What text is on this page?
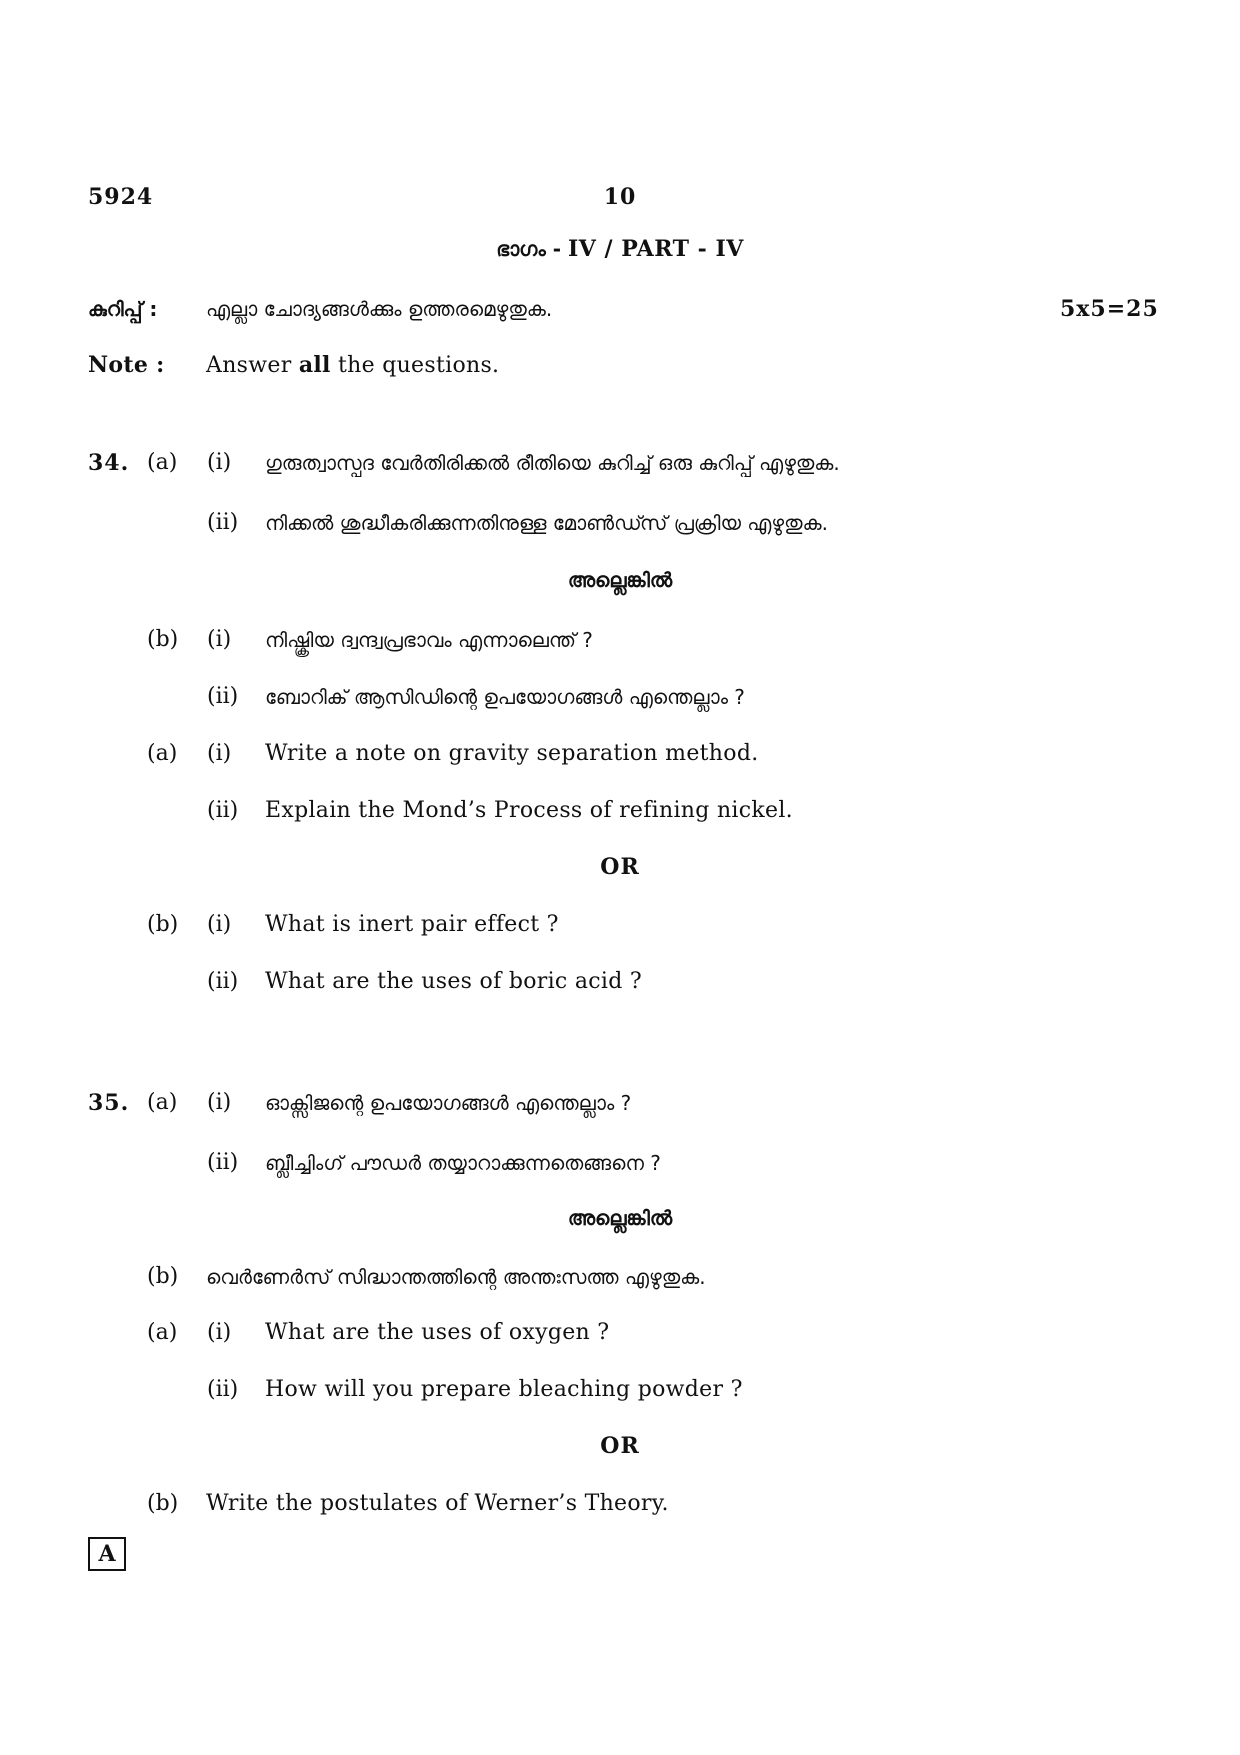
5924	10
ഭാഗം - IV / PART - IV
കുറിപ്പ് : എല്ലാ ചോദ്യങ്ങൾക്കും ഉത്തരമെഴുതുക.	5x5=25
Note : Answer all the questions.
34. (a) (i) ഗുരുത്വാസ്പദ വേർതിരിക്കൽ രീതിയെ കുറിച്ച് ഒരു കുറിപ്പ് എഴുതുക.
(ii) നിക്കൽ ശുദ്ധീകരിക്കുന്നതിനുള്ള മോൺഡ്സ് പ്രക്രിയ എഴുതുക.
അല്ലെങ്കിൽ
(b) (i) നിഷ്ക്രിയ ദ്വന്ദ്വപ്രഭാവം എന്നാലെന്ത് ?
(ii) ബോറിക് ആസിഡിന്റെ ഉപയോഗങ്ങൾ എന്തെല്ലാം ?
(a) (i) Write a note on gravity separation method.
(ii) Explain the Mond’s Process of refining nickel.
OR
(b) (i) What is inert pair effect ?
(ii) What are the uses of boric acid ?
35. (a) (i) ഓക്സിജന്റെ ഉപയോഗങ്ങൾ എന്തെല്ലാം ?
(ii) ബ്ലീച്ചിംഗ് പൗഡർ തയ്യാറാക്കുന്നതെങ്ങനെ ?
അല്ലെങ്കിൽ
(b) വെർണേർസ് സിദ്ധാന്തത്തിന്റെ അന്തഃസത്ത എഴുതുക.
(a) (i) What are the uses of oxygen ?
(ii) How will you prepare bleaching powder ?
OR
(b) Write the postulates of Werner’s Theory.
A
